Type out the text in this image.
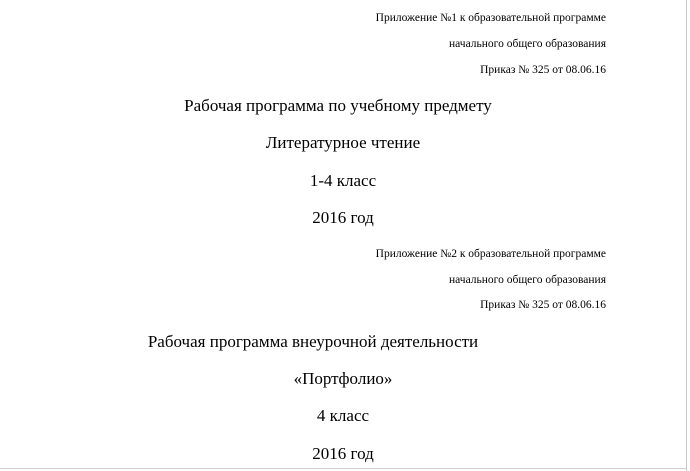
Приложение №1 к образовательной программе
начального общего образования
Приказ № 325 от 08.06.16
Рабочая программа по учебному предмету
Литературное чтение
1-4 класс
2016 год
Приложение №2 к образовательной программе
начального общего образования
Приказ № 325 от 08.06.16
Рабочая программа внеурочной деятельности
«Портфолио»
4 класс
2016 год
